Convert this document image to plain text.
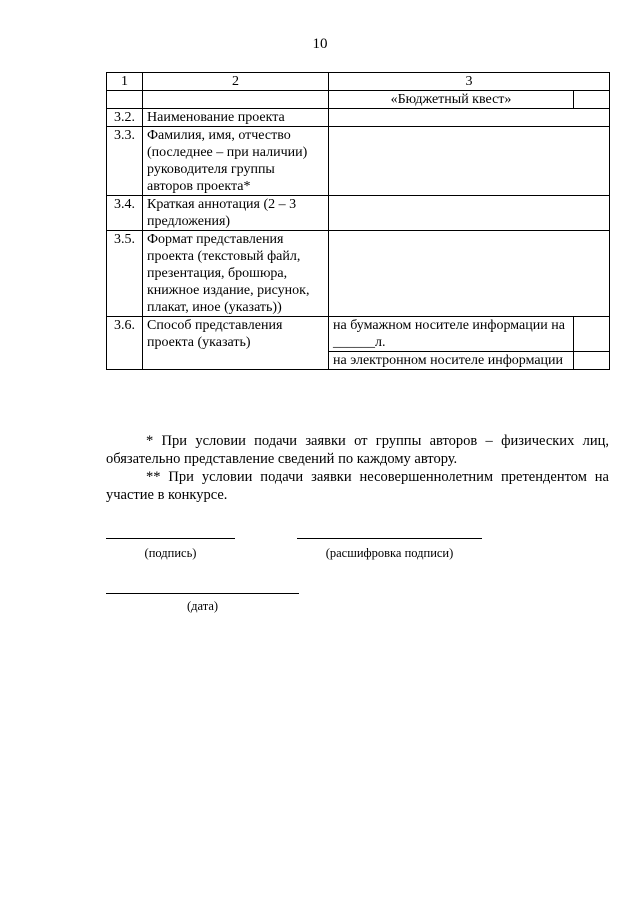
10
1	2	3	
		«Бюджетный квест»	
3.2.	Наименование проекта		
3.3.	Фамилия, имя, отчество (последнее – при наличии) руководителя группы авторов проекта*		
3.4.	Краткая аннотация (2 – 3 предложения)		
3.5.	Формат представления проекта (текстовый файл, презентация, брошюра, книжное издание, рисунок, плакат, иное (указать))		
3.6.	Способ представления проекта (указать)	на бумажном носителе информации на ______л.	
		на электронном носителе информации	

* При условии подачи заявки от группы авторов – физических лиц, обязательно представление сведений по каждому автору.

** При условии подачи заявки несовершеннолетним претендентом на участие в конкурсе.

(подпись)	(расшифровка подписи)
(дата)
